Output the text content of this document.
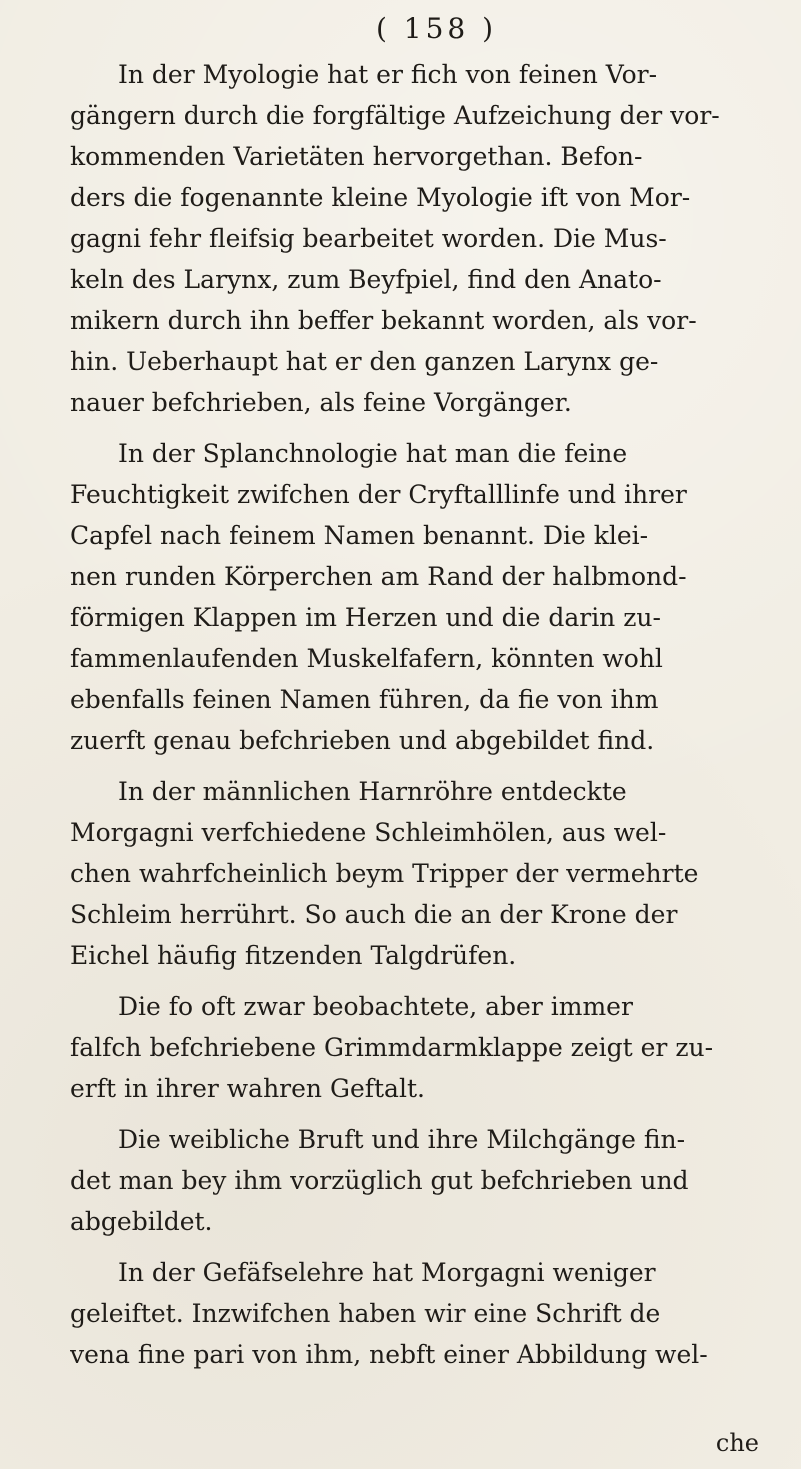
( 158 )
In der Myologie hat er fich von feinen Vor-
gängern durch die forgfältige Aufzeichung der vor-
kommenden Varietäten hervorgethan. Befon-
ders die fogenannte kleine Myologie ift von Mor-
gagni fehr fleifsig bearbeitet worden. Die Mus-
keln des Larynx, zum Beyfpiel, find den Anato-
mikern durch ihn beffer bekannt worden, als vor-
hin. Ueberhaupt hat er den ganzen Larynx ge-
nauer befchrieben, als feine Vorgänger.
In der Splanchnologie hat man die feine
Feuchtigkeit zwifchen der Cryftalllinfe und ihrer
Capfel nach feinem Namen benannt. Die klei-
nen runden Körperchen am Rand der halbmond-
förmigen Klappen im Herzen und die darin zu-
fammenlaufenden Muskelfafern, könnten wohl
ebenfalls feinen Namen führen, da fie von ihm
zuerft genau befchrieben und abgebildet find.
In der männlichen Harnröhre entdeckte
Morgagni verfchiedene Schleimhölen, aus wel-
chen wahrfcheinlich beym Tripper der vermehrte
Schleim herrührt. So auch die an der Krone der
Eichel häufig fitzenden Talgdrüfen.
Die fo oft zwar beobachtete, aber immer
falfch befchriebene Grimmdarmklappe zeigt er zu-
erft in ihrer wahren Geftalt.
Die weibliche Bruft und ihre Milchgänge fin-
det man bey ihm vorzüglich gut befchrieben und
abgebildet.
In der Gefäfselehre hat Morgagni weniger
geleiftet. Inzwifchen haben wir eine Schrift de
vena fine pari von ihm, nebft einer Abbildung wel-
che
